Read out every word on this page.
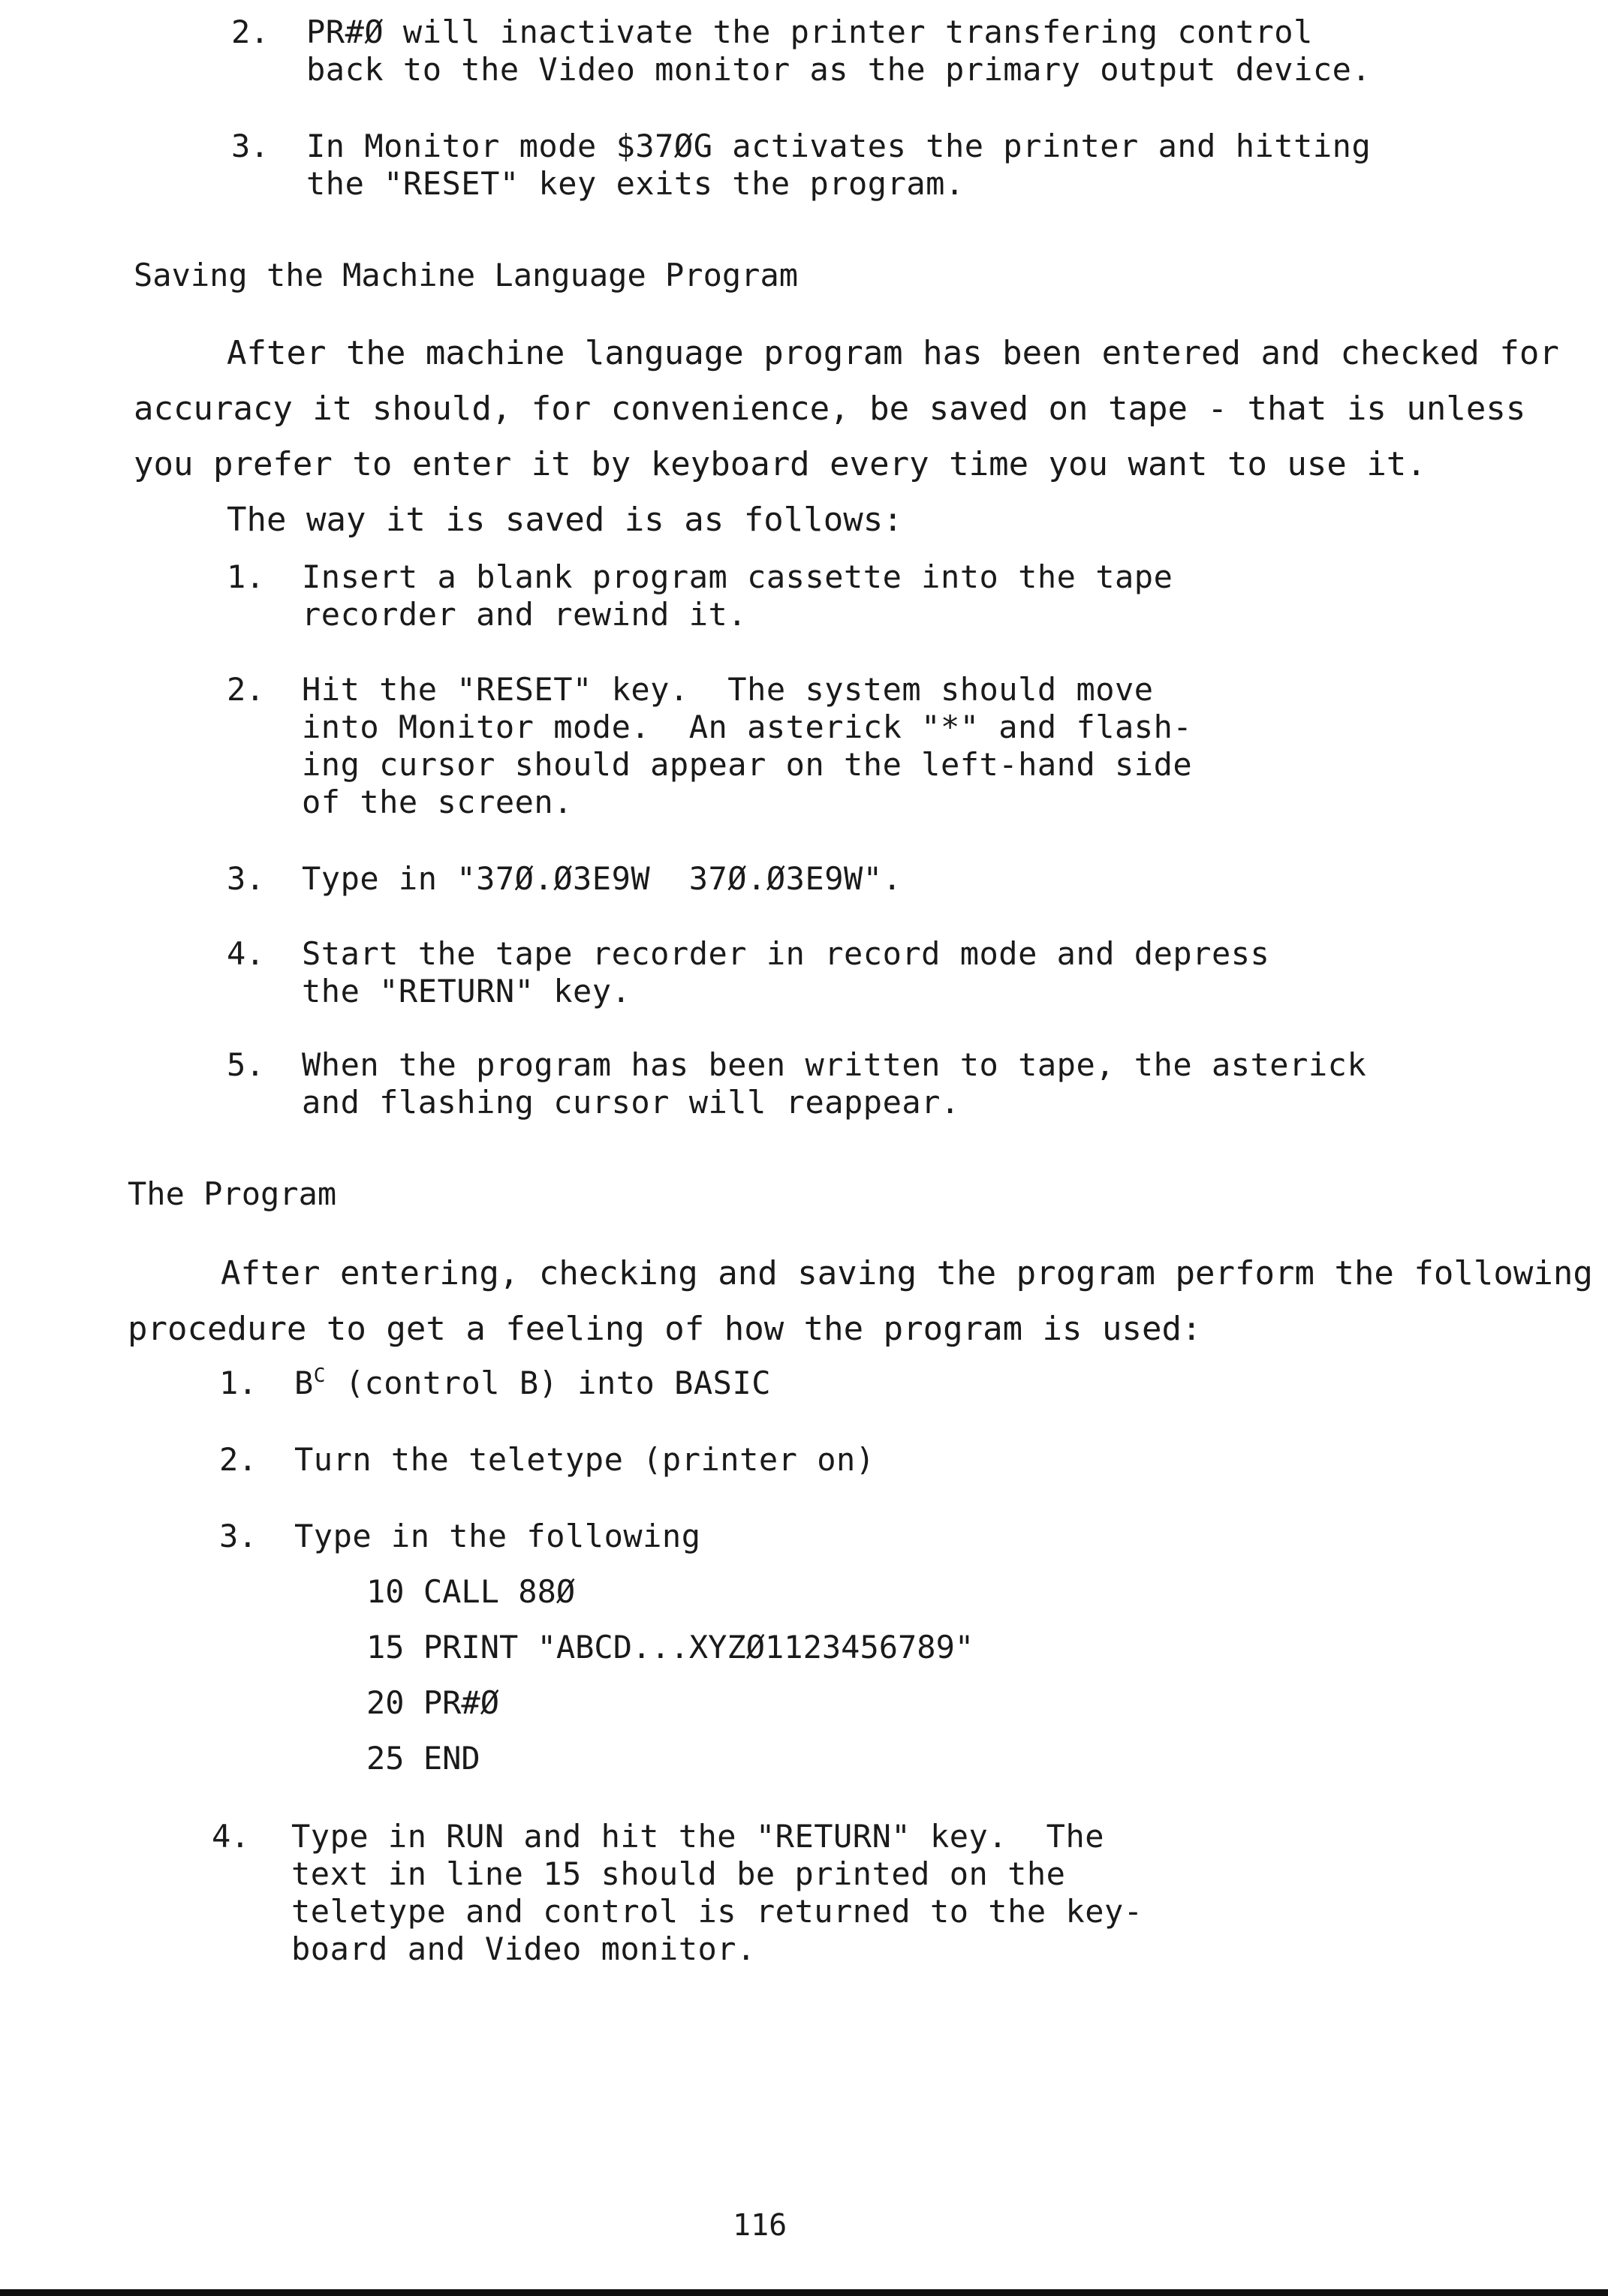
2. PR#Ø will inactivate the printer transfering control
back to the Video monitor as the primary output device.
3. In Monitor mode $37ØG activates the printer and hitting
the "RESET" key exits the program.
Saving the Machine Language Program
After the machine language program has been entered and checked for
accuracy it should, for convenience, be saved on tape - that is unless
you prefer to enter it by keyboard every time you want to use it.
The way it is saved is as follows:
1. Insert a blank program cassette into the tape
recorder and rewind it.
2. Hit the "RESET" key.  The system should move
into Monitor mode.  An asterick "*" and flash-
ing cursor should appear on the left-hand side
of the screen.
3. Type in "37Ø.Ø3E9W  37Ø.Ø3E9W".
4. Start the tape recorder in record mode and depress
the "RETURN" key.
5. When the program has been written to tape, the asterick
and flashing cursor will reappear.
The Program
After entering, checking and saving the program perform the following
procedure to get a feeling of how the program is used:
1. $B^C$ (control B) into BASIC
2. Turn the teletype (printer on)
3. Type in the following
10 CALL 88Ø
15 PRINT "ABCD...XYZØ1123456789"
20 PR#Ø
25 END
4. Type in RUN and hit the "RETURN" key.  The
text in line 15 should be printed on the
teletype and control is returned to the key-
board and Video monitor.
116
